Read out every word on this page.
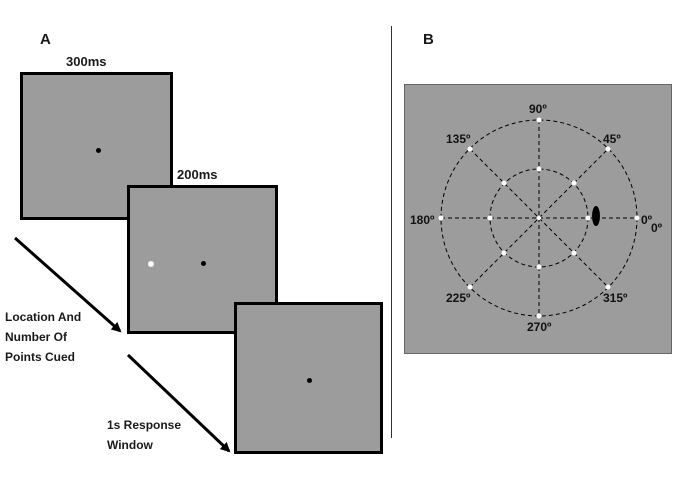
A
300ms
200ms
Location And
Number Of
Points Cued
1s Response
Window
B
90º
45º
135º
180º	0º
0º
225º
270º
315º
